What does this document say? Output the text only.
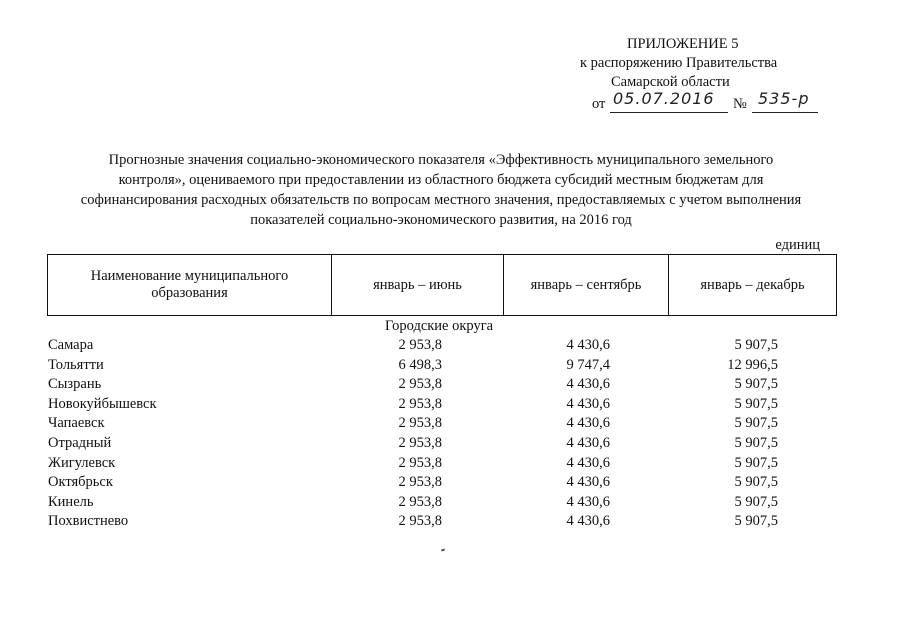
ПРИЛОЖЕНИЕ 5
к распоряжению Правительства
Самарской области
от 05.07.2016 № 535-р
Прогнозные значения социально-экономического показателя «Эффективность муниципального земельного
контроля», оцениваемого при предоставлении из областного бюджета субсидий местным бюджетам для
софинансирования расходных обязательств по вопросам местного значения, предоставляемых с учетом выполнения
показателей социально-экономического развития, на 2016 год
единиц
Наименование муниципального образования	январь – июнь	январь – сентябрь	январь – декабрь
Городские округа
Самара	2 953,8	4 430,6	5 907,5
Тольятти	6 498,3	9 747,4	12 996,5
Сызрань	2 953,8	4 430,6	5 907,5
Новокуйбышевск	2 953,8	4 430,6	5 907,5
Чапаевск	2 953,8	4 430,6	5 907,5
Отрадный	2 953,8	4 430,6	5 907,5
Жигулевск	2 953,8	4 430,6	5 907,5
Октябрьск	2 953,8	4 430,6	5 907,5
Кинель	2 953,8	4 430,6	5 907,5
Похвистнево	2 953,8	4 430,6	5 907,5
